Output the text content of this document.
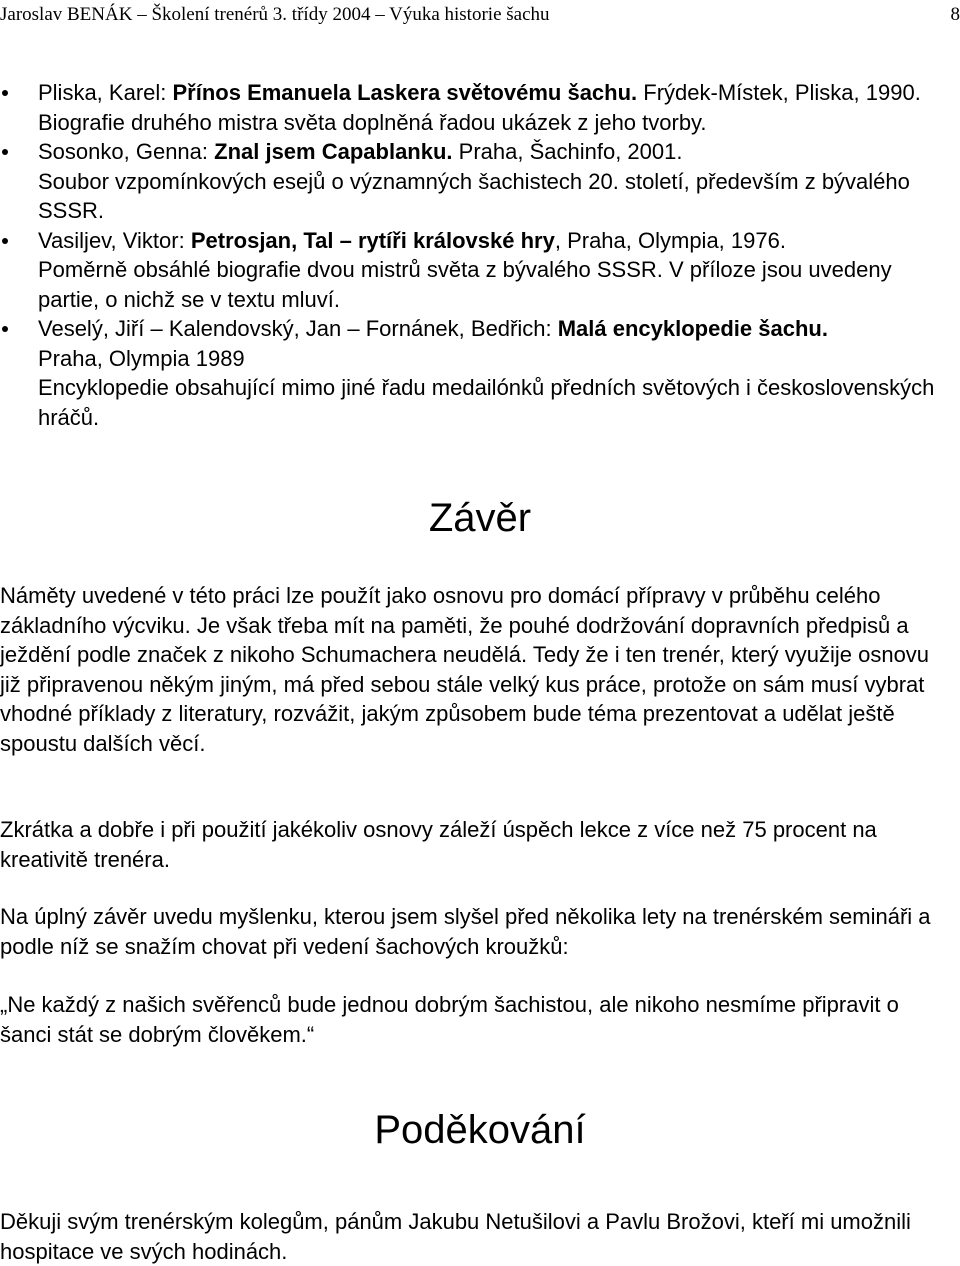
Jaroslav BENÁK – Školení trenérů 3. třídy 2004 – Výuka historie šachu	8
Pliska, Karel: Přínos Emanuela Laskera světovému šachu. Frýdek-Místek, Pliska, 1990.
Biografie druhého mistra světa doplněná řadou ukázek z jeho tvorby.
Sosonko, Genna: Znal jsem Capablanku. Praha, Šachinfo, 2001.
Soubor vzpomínkových esejů o významných šachistech 20. století, především z bývalého SSSR.
Vasiljev, Viktor: Petrosjan, Tal – rytíři královské hry, Praha, Olympia, 1976.
Poměrně obsáhlé biografie dvou mistrů světa z bývalého SSSR. V příloze jsou uvedeny partie, o nichž se v textu mluví.
Veselý, Jiří – Kalendovský, Jan – Fornánek, Bedřich: Malá encyklopedie šachu.
Praha, Olympia 1989
Encyklopedie obsahující mimo jiné řadu medailónků předních světových i československých hráčů.
Závěr

Náměty uvedené v této práci lze použít jako osnovu pro domácí přípravy v průběhu celého základního výcviku. Je však třeba mít na paměti, že pouhé dodržování dopravních předpisů a ježdění podle značek z nikoho Schumachera neudělá. Tedy že i ten trenér, který využije osnovu již připravenou někým jiným, má před sebou stále velký kus práce, protože on sám musí vybrat vhodné příklady z literatury, rozvážit, jakým způsobem bude téma prezentovat a udělat ještě spoustu dalších věcí.

Zkrátka a dobře i při použití jakékoliv osnovy záleží úspěch lekce z více než 75 procent na kreativitě trenéra.

Na úplný závěr uvedu myšlenku, kterou jsem slyšel před několika lety na trenérském semináři a podle níž se snažím chovat při vedení šachových kroužků:

„Ne každý z našich svěřenců bude jednou dobrým šachistou, ale nikoho nesmíme připravit o šanci stát se dobrým člověkem.“

Poděkování

Děkuji svým trenérským kolegům, pánům Jakubu Netušilovi a Pavlu Brožovi, kteří mi umožnili hospitace ve svých hodinách.
